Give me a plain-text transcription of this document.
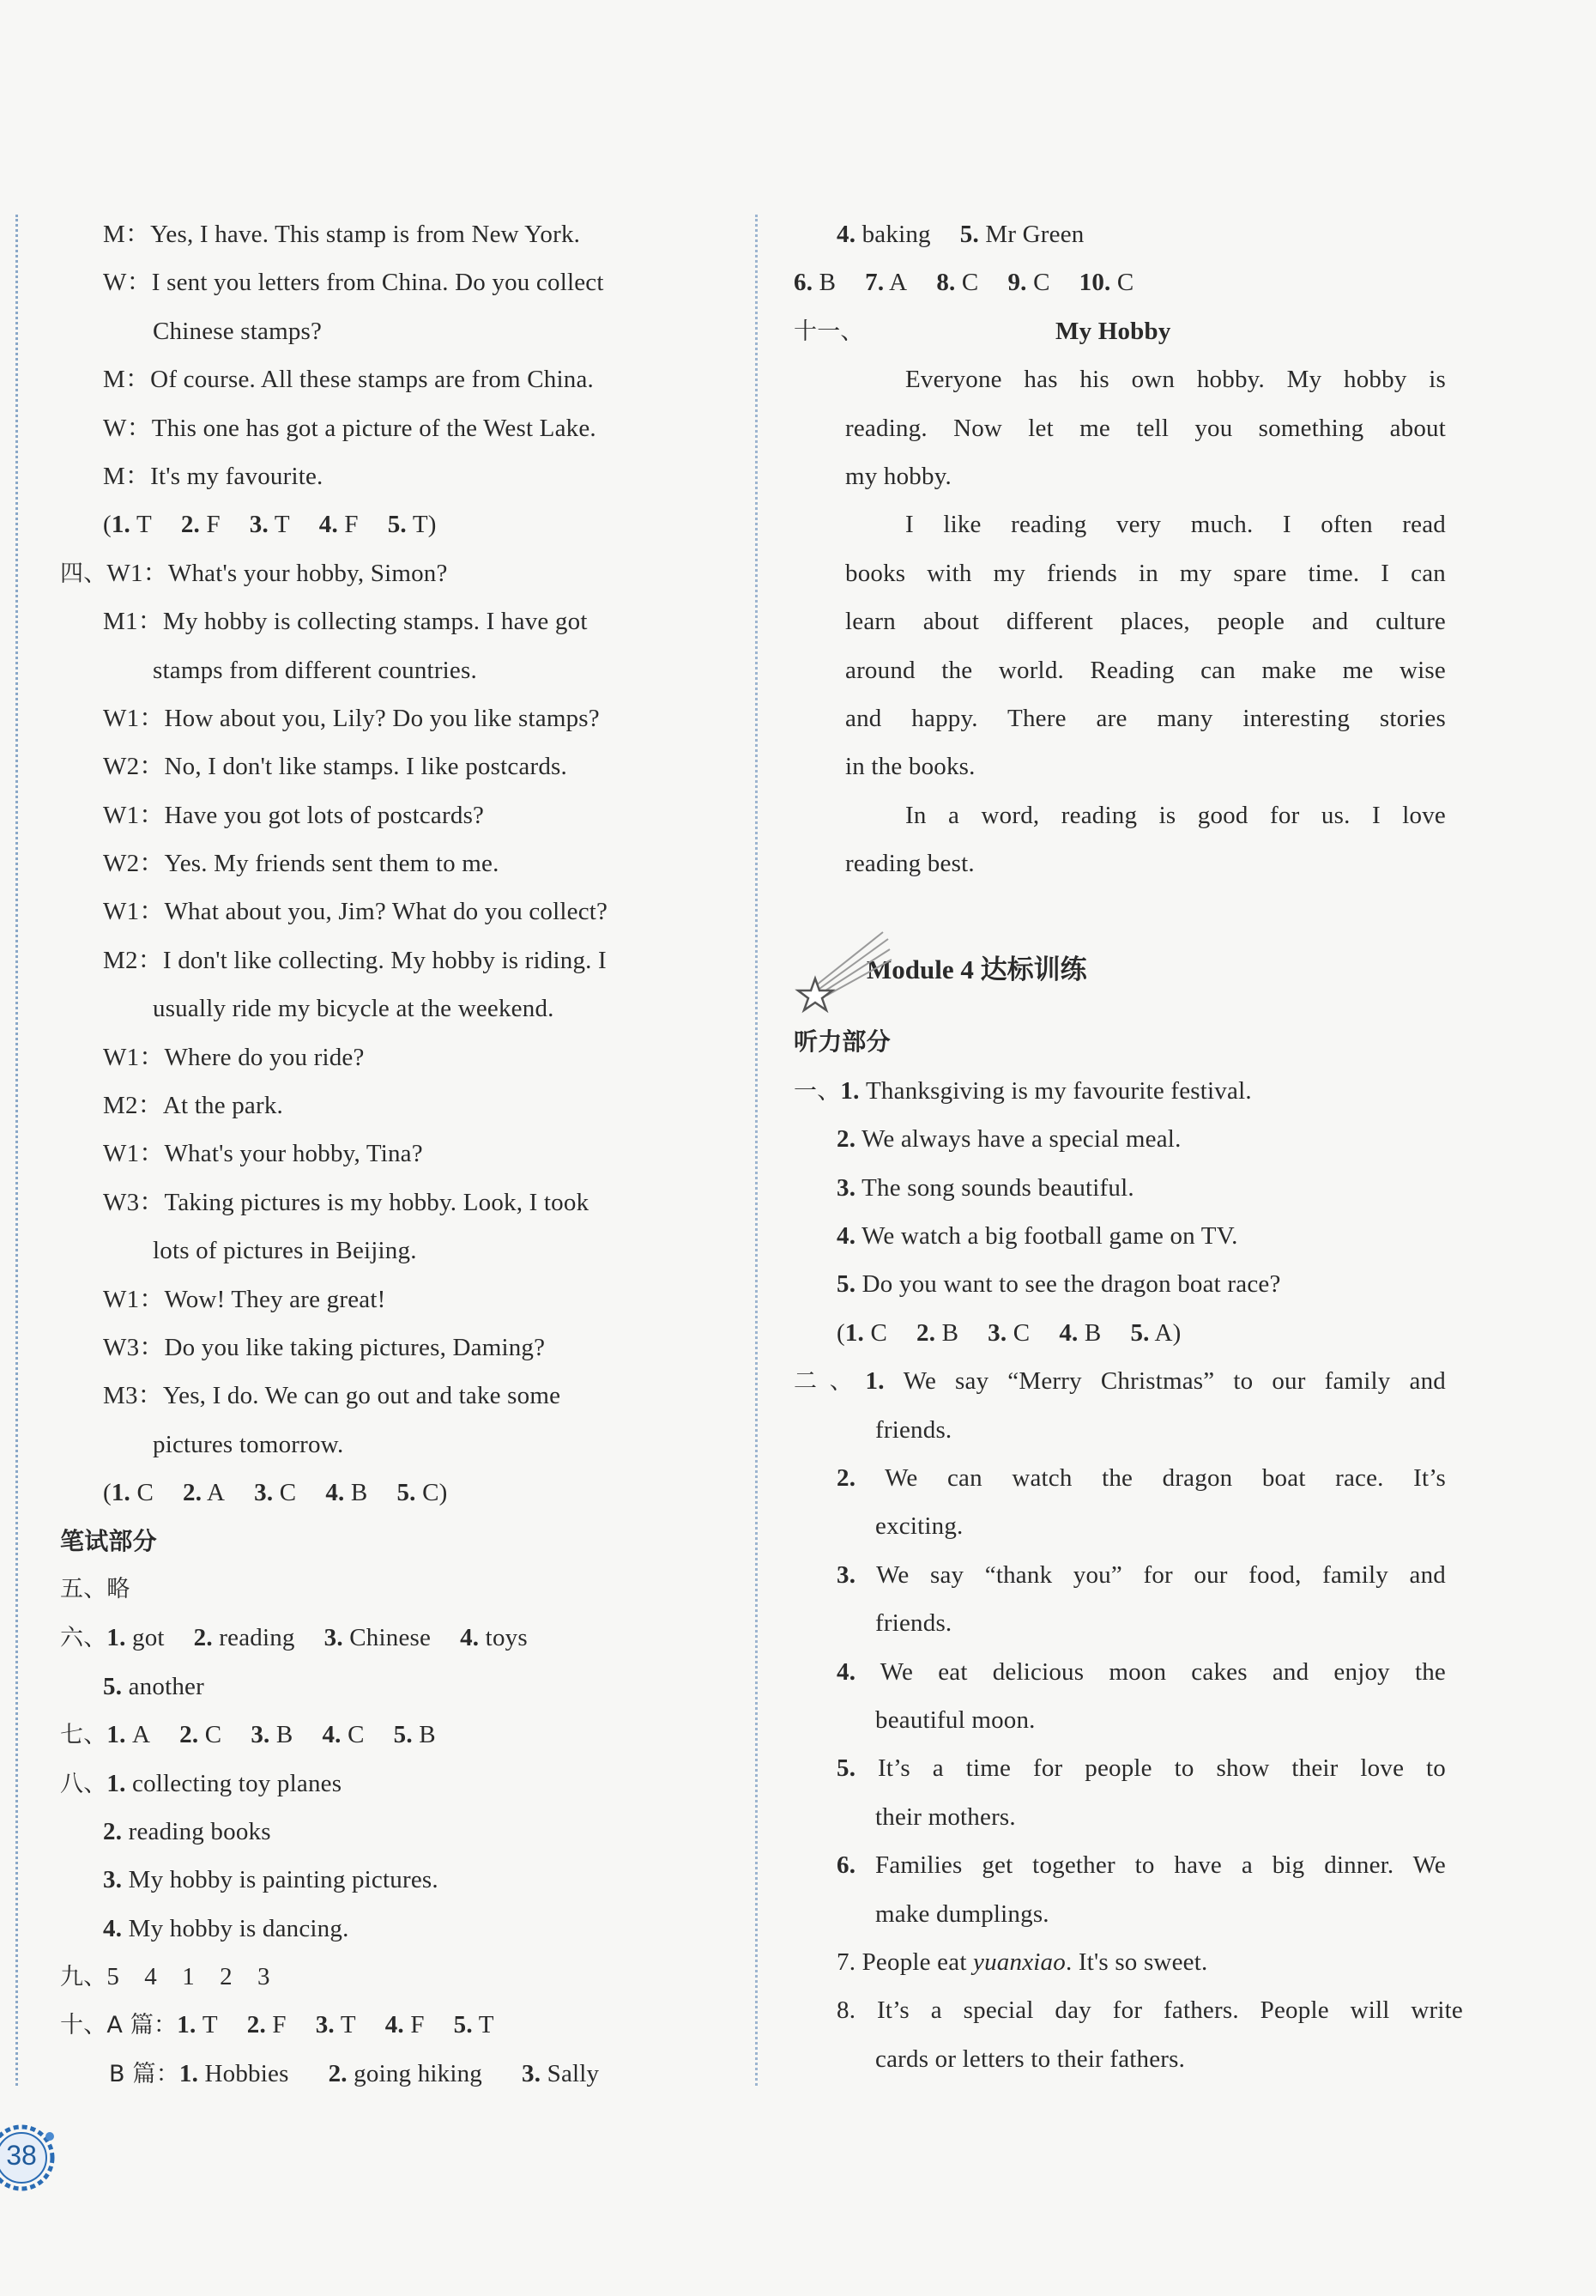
M：Yes, I have. This stamp is from New York.
W：I sent you letters from China. Do you collect
Chinese stamps?
M：Of course. All these stamps are from China.
W：This one has got a picture of the West Lake.
M：It's my favourite.
(1. T 2. F 3. T 4. F 5. T)
四、W1：What's your hobby, Simon?
M1：My hobby is collecting stamps. I have got
stamps from different countries.
W1：How about you, Lily? Do you like stamps?
W2：No, I don't like stamps. I like postcards.
W1：Have you got lots of postcards?
W2：Yes. My friends sent them to me.
W1：What about you, Jim? What do you collect?
M2：I don't like collecting. My hobby is riding. I
usually ride my bicycle at the weekend.
W1：Where do you ride?
M2：At the park.
W1：What's your hobby, Tina?
W3：Taking pictures is my hobby. Look, I took
lots of pictures in Beijing.
W1：Wow! They are great!
W3：Do you like taking pictures, Daming?
M3：Yes, I do. We can go out and take some
pictures tomorrow.
(1. C 2. A 3. C 4. B 5. C)
笔试部分
五、略
六、1. got 2. reading 3. Chinese 4. toys
5. another
七、1. A 2. C 3. B 4. C 5. B
八、1. collecting toy planes
2. reading books
3. My hobby is painting pictures.
4. My hobby is dancing.
九、5　4　1　2　3
十、A 篇：1. T 2. F 3. T 4. F 5. T
B 篇：1. Hobbies 2. going hiking 3. Sally
4. baking 5. Mr Green
6. B 7. A 8. C 9. C 10. C
十一、	My Hobby
Everyone has his own hobby. My hobby is
reading. Now let me tell you something about
my hobby.
I like reading very much. I often read
books with my friends in my spare time. I can
learn about different places, people and culture
around the world. Reading can make me wise
and happy. There are many interesting stories
in the books.
In a word, reading is good for us. I love
reading best.
Module 4 达标训练
听力部分
一、1. Thanksgiving is my favourite festival.
2. We always have a special meal.
3. The song sounds beautiful.
4. We watch a big football game on TV.
5. Do you want to see the dragon boat race?
(1. C 2. B 3. C 4. B 5. A)
二、1. We say “Merry Christmas” to our family and
friends.
2. We can watch the dragon boat race. It’s
exciting.
3. We say “thank you” for our food, family and
friends.
4. We eat delicious moon cakes and enjoy the
beautiful moon.
5. It’s a time for people to show their love to
their mothers.
6. Families get together to have a big dinner. We
make dumplings.
7. People eat yuanxiao. It's so sweet.
8. It’s a special day for fathers. People will write
cards or letters to their fathers.
38
